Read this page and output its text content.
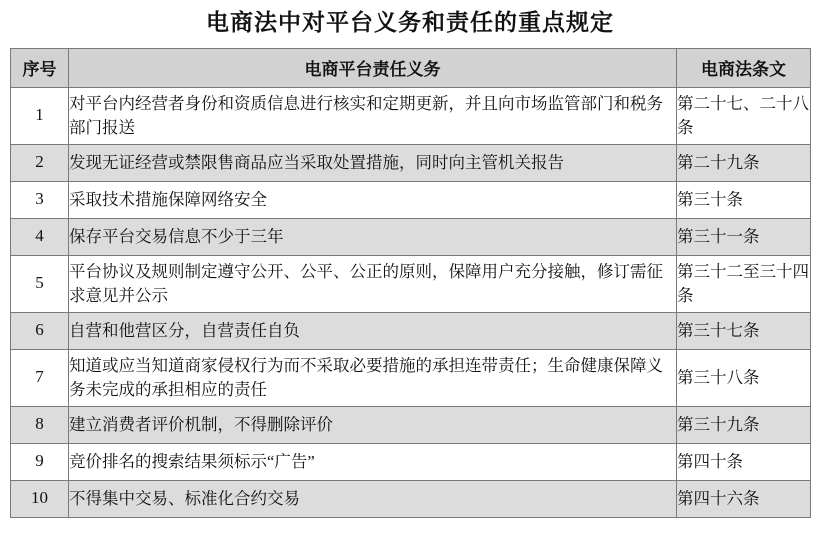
电商法中对平台义务和责任的重点规定
序号	电商平台责任义务	电商法条文
1	对平台内经营者身份和资质信息进行核实和定期更新，并且向市场监管部门和税务部门报送	第二十七、二十八条
2	发现无证经营或禁限售商品应当采取处置措施，同时向主管机关报告	第二十九条
3	采取技术措施保障网络安全	第三十条
4	保存平台交易信息不少于三年	第三十一条
5	平台协议及规则制定遵守公开、公平、公正的原则，保障用户充分接触，修订需征求意见并公示	第三十二至三十四条
6	自营和他营区分，自营责任自负	第三十七条
7	知道或应当知道商家侵权行为而不采取必要措施的承担连带责任；生命健康保障义务未完成的承担相应的责任	第三十八条
8	建立消费者评价机制，不得删除评价	第三十九条
9	竞价排名的搜索结果须标示“广告”	第四十条
10	不得集中交易、标准化合约交易	第四十六条
